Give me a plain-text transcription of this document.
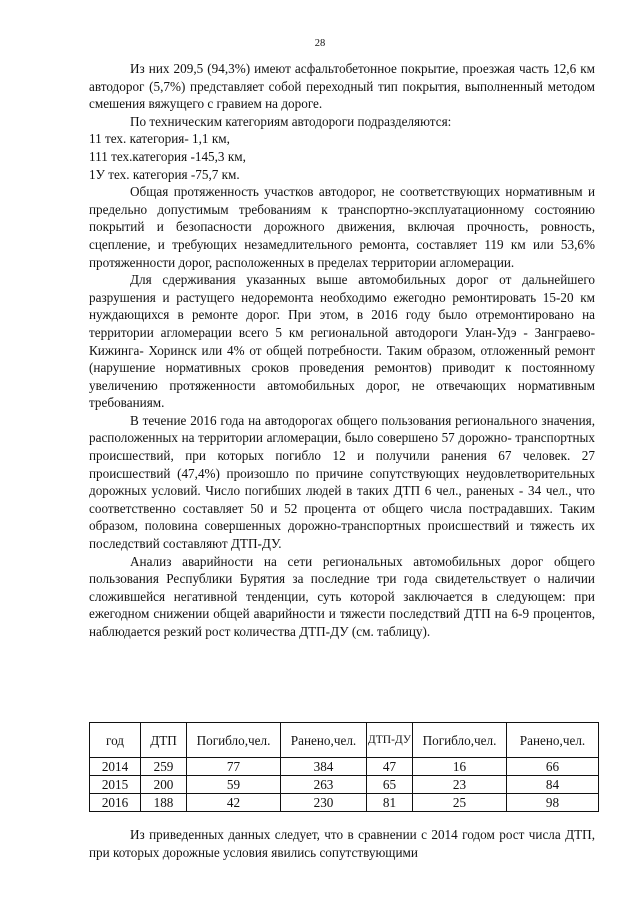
28

Из них 209,5 (94,3%) имеют асфальтобетонное покрытие, проезжая часть 12,6 км автодорог (5,7%) представляет собой переходный тип покрытия, выполненный методом смешения вяжущего с гравием на дороге.

По техническим категориям автодороги подразделяются:

11 тех. категория- 1,1 км,

111 тех.категория -145,3 км,

1У тех. категория -75,7 км.

Общая протяженность участков автодорог, не соответствующих нормативным и предельно допустимым требованиям к транспортно-эксплуатационному состоянию покрытий и безопасности дорожного движения, включая прочность, ровность, сцепление, и требующих незамедлительного ремонта, составляет 119 км или 53,6% протяженности дорог, расположенных в пределах территории агломерации.

Для сдерживания указанных выше автомобильных дорог от дальнейшего разрушения и растущего недоремонта необходимо ежегодно ремонтировать 15-20 км нуждающихся в ремонте дорог. При этом, в 2016 году было отремонтировано на территории агломерации всего 5 км региональной автодороги Улан-Удэ - Занграево- Кижинга- Хоринск или 4% от общей потребности. Таким образом, отложенный ремонт (нарушение нормативных сроков проведения ремонтов) приводит к постоянному увеличению протяженности автомобильных дорог, не отвечающих нормативным требованиям.

В течение 2016 года на автодорогах общего пользования регионального значения, расположенных на территории агломерации, было совершено 57 дорожно- транспортных происшествий, при которых погибло 12 и получили ранения 67 человек. 27 происшествий (47,4%) произошло по причине сопутствующих неудовлетворительных дорожных условий. Число погибших людей в таких ДТП 6 чел., раненых - 34 чел., что соответственно составляет 50 и 52 процента от общего числа пострадавших. Таким образом, половина совершенных дорожно-транспортных происшествий и тяжесть их последствий составляют ДТП-ДУ.

Анализ аварийности на сети региональных автомобильных дорог общего пользования Республики Бурятия за последние три года свидетельствует о наличии сложившейся негативной тенденции, суть которой заключается в следующем: при ежегодном снижении общей аварийности и тяжести последствий ДТП на 6-9 процентов, наблюдается резкий рост количества ДТП-ДУ (см. таблицу).

год	ДТП	Погибло,чел.	Ранено,чел.	ДТП-ДУ	Погибло,чел.	Ранено,чел.
2014	259	77	384	47	16	66
2015	200	59	263	65	23	84
2016	188	42	230	81	25	98

Из приведенных данных следует, что в сравнении с 2014 годом рост числа ДТП, при которых дорожные условия явились сопутствующими
